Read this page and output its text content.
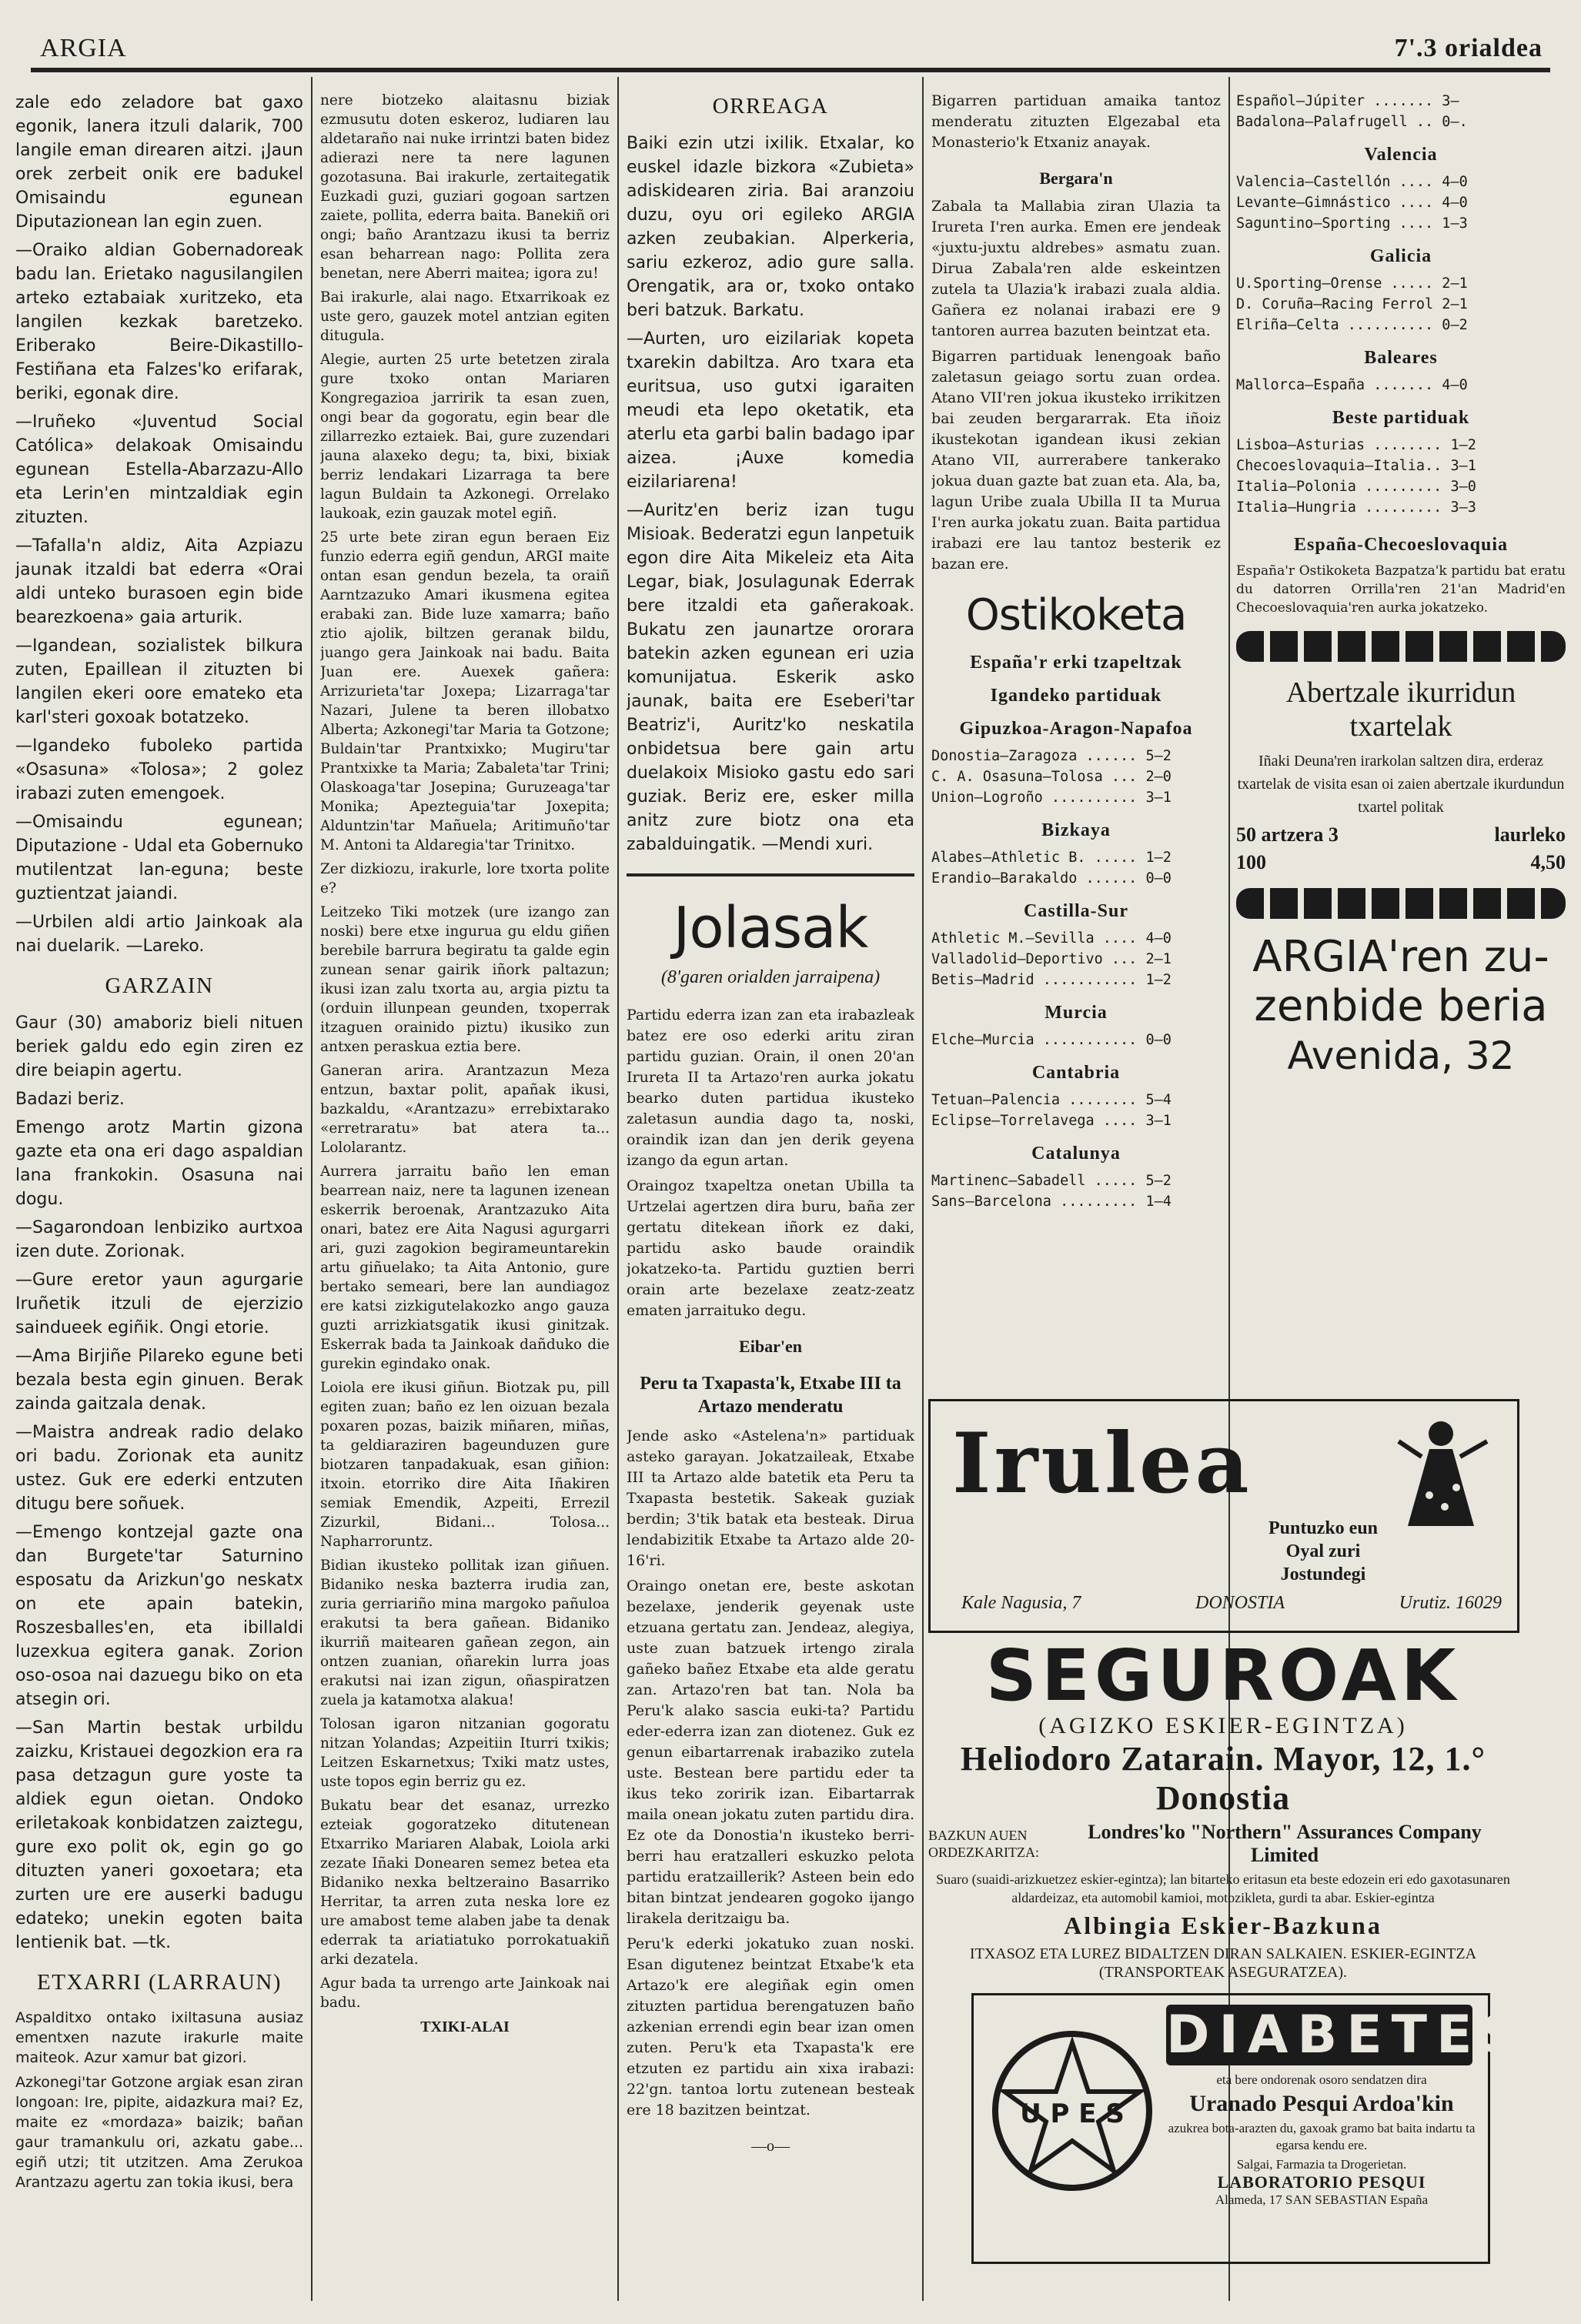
ARGIA	7'.3 orialdea

zale edo zeladore bat gaxo egonik, lanera itzuli dalarik, 700 langile eman direaren aitzi. ¡Jaun orek zerbeit onik ere badukel Omisaindu egunean Diputazionean lan egin zuen.

—Oraiko aldian Gobernadoreak badu lan. Erietako nagusilangilen arteko eztabaiak xuritzeko, eta langilen kezkak baretzeko. Eriberako Beire-Dikastillo-Festiñana eta Falzes'ko erifarak, beriki, egonak dire.

—Iruñeko «Juventud Social Católica» delakoak Omisaindu egunean Estella-Abarzazu-Allo eta Lerin'en mintzaldiak egin zituzten.

—Tafalla'n aldiz, Aita Azpiazu jaunak itzaldi bat ederra «Orai aldi unteko burasoen egin bide bearezkoena» gaia arturik.

—Igandean, sozialistek bilkura zuten, Epaillean il zituzten bi langilen ekeri oore emateko eta karl'steri goxoak botatzeko.

—Igandeko fuboleko partida «Osasuna» «Tolosa»; 2 golez irabazi zuten emengoek.

—Omisaindu egunean; Diputazione - Udal eta Gobernuko mutilentzat lan-eguna; beste guztientzat jaiandi.

—Urbilen aldi artio Jainkoak ala nai duelarik. —Lareko.

GARZAIN

Gaur (30) amaboriz bieli nituen beriek galdu edo egin ziren ez dire beiapin agertu.

Badazi beriz.

Emengo arotz Martin gizona gazte eta ona eri dago aspaldian lana frankokin. Osasuna nai dogu.

—Sagarondoan lenbiziko aurtxoa izen dute. Zorionak.

—Gure eretor yaun agurgarie Iruñetik itzuli de ejerzizio saindueek egiñik. Ongi etorie.

—Ama Birjiñe Pilareko egune beti bezala besta egin ginuen. Berak zainda gaitzala denak.

—Maistra andreak radio delako ori badu. Zorionak eta aunitz ustez. Guk ere ederki entzuten ditugu bere soñuek.

—Emengo kontzejal gazte ona dan Burgete'tar Saturnino esposatu da Arizkun'go neskatx on ete apain batekin, Roszesballes'en, eta ibillaldi luzexkua egitera ganak. Zorion oso-osoa nai dazuegu biko on eta atsegin ori.

—San Martin bestak urbildu zaizku, Kristauei degozkion era ra pasa detzagun gure yoste ta aldiek egun oietan. Ondoko eriletakoak konbidatzen zaiztegu, gure exo polit ok, egin go go dituzten yaneri goxoetara; eta zurten ure ere auserki badugu edateko; unekin egoten baita lentienik bat. —tk.

ETXARRI (LARRAUN)

Aspalditxo ontako ixiltasuna ausiaz ementxen nazute irakurle maite maiteok. Azur xamur bat gizori.

Azkonegi'tar Gotzone argiak esan ziran longoan: Ire, pipite, aidazkura mai? Ez, maite ez «mordaza» baizik; bañan gaur tramankulu ori, azkatu gabe... egiñ utzi; tit utzitzen. Ama Zerukoa Arantzazu agertu zan tokia ikusi, bera

nere biotzeko alaitasnu biziak ezmusutu doten eskeroz, ludiaren lau aldetaraño nai nuke irrintzi baten bidez adierazi nere ta nere lagunen gozotasuna. Bai irakurle, zertaitegatik Euzkadi guzi, guziari gogoan sartzen zaiete, pollita, ederra baita. Banekiñ ori ongi; baño Arantzazu ikusi ta berriz esan beharrean nago: Pollita zera benetan, nere Aberri maitea; igora zu!

Bai irakurle, alai nago. Etxarrikoak ez uste gero, gauzek motel antzian egiten ditugula.

Alegie, aurten 25 urte betetzen zirala gure txoko ontan Mariaren Kongregazioa jarririk ta esan zuen, ongi bear da gogoratu, egin bear dle zillarrezko eztaiek. Bai, gure zuzendari jauna alaxeko degu; ta, bixi, bixiak berriz lendakari Lizarraga ta bere lagun Buldain ta Azkonegi. Orrelako laukoak, ezin gauzak motel egiñ.

25 urte bete ziran egun beraen Eiz funzio ederra egiñ gendun, ARGI maite ontan esan gendun bezela, ta oraiñ Aarntzazuko Amari ikusmena egitea erabaki zan. Bide luze xamarra; baño ztio ajolik, biltzen geranak bildu, juango gera Jainkoak nai badu. Baita Juan ere. Auexek gañera: Arrizurieta'tar Joxepa; Lizarraga'tar Nazari, Julene ta beren illobatxo Alberta; Azkonegi'tar Maria ta Gotzone; Buldain'tar Prantxixko; Mugiru'tar Prantxixke ta Maria; Zabaleta'tar Trini; Olaskoaga'tar Josepina; Guruzeaga'tar Monika; Apezteguia'tar Joxepita; Alduntzin'tar Mañuela; Aritimuño'tar M. Antoni ta Aldaregia'tar Trinitxo.

Zer dizkiozu, irakurle, lore txorta polite e?

Leitzeko Tiki motzek (ure izango zan noski) bere etxe ingurua gu eldu giñen berebile barrura begiratu ta galde egin zunean senar gairik iñork paltazun; ikusi izan zalu txorta au, argia piztu ta (orduin illunpean geunden, txoperrak itzaguen orainido piztu) ikusiko zun antxen peraskua eztia bere.

Ganeran arira. Arantzazun Meza entzun, baxtar polit, apañak ikusi, bazkaldu, «Arantzazu» errebixtarako «erretraratu» bat atera ta... Lololarantz.

Aurrera jarraitu baño len eman bearrean naiz, nere ta lagunen izenean eskerrik beroenak, Arantzazuko Aita onari, batez ere Aita Nagusi agurgarri ari, guzi zagokion begirameuntarekin artu giñuelako; ta Aita Antonio, gure bertako semeari, bere lan aundiagoz ere katsi zizkigutelakozko ango gauza guzti arrizkiatsgatik ikusi ginitzak. Eskerrak bada ta Jainkoak dañduko die gurekin egindako onak.

Loiola ere ikusi giñun. Biotzak pu, pill egiten zuan; baño ez len oizuan bezala poxaren pozas, baizik miñaren, miñas, ta geldiaraziren bageunduzen gure biotzaren tanpadakuak, esan giñion: itxoin. etorriko dire Aita Iñakiren semiak Emendik, Azpeiti, Errezil Zizurkil, Bidani... Tolosa... Napharroruntz.

Bidian ikusteko pollitak izan giñuen. Bidaniko neska bazterra irudia zan, zuria gerriariño mina margoko pañuloa erakutsi ta bera gañean. Bidaniko ikurriñ maitearen gañean zegon, ain ontzen zuanian, oñarekin lurra joas erakutsi nai izan zigun, oñaspiratzen zuela ja katamotxa alakua!

Tolosan igaron nitzanian gogoratu nitzan Yolandas; Azpeitiin Iturri txikis; Leitzen Eskarnetxus; Txiki matz ustes, uste topos egin berriz gu ez.

Bukatu bear det esanaz, urrezko ezteiak gogoratzeko ditutenean Etxarriko Mariaren Alabak, Loiola arki zezate Iñaki Donearen semez betea eta Bidaniko nexka beltzeraino Basarriko Herritar, ta arren zuta neska lore ez ure amabost teme alaben jabe ta denak ederrak ta ariatiatuko porrokatuakiñ arki dezatela.

Agur bada ta urrengo arte Jainkoak nai badu.

TXIKI-ALAI
ORREAGA

Baiki ezin utzi ixilik. Etxalar, ko euskel idazle bizkora «Zubieta» adiskidearen ziria. Bai aranzoiu duzu, oyu ori egileko ARGIA azken zeubakian. Alperkeria, sariu ezkeroz, adio gure salla. Orengatik, ara or, txoko ontako beri batzuk. Barkatu.

—Aurten, uro eizilariak kopeta txarekin dabiltza. Aro txara eta euritsua, uso gutxi igaraiten meudi eta lepo oketatik, eta aterlu eta garbi balin badago ipar aizea. ¡Auxe komedia eizilariarena!

—Auritz'en beriz izan tugu Misioak. Bederatzi egun lanpetuik egon dire Aita Mikeleiz eta Aita Legar, biak, Josulagunak Ederrak bere itzaldi eta gañerakoak. Bukatu zen jaunartze ororara batekin azken egunean eri uzia komunijatua. Eskerik asko jaunak, baita ere Eseberi'tar Beatriz'i, Auritz'ko neskatila onbidetsua bere gain artu duelakoix Misioko gastu edo sari guziak. Beriz ere, esker milla anitz zure biotz ona eta zabalduingatik. —Mendi xuri.

Jolasak
(8'garen orialden jarraipena)

Partidu ederra izan zan eta irabazleak batez ere oso ederki aritu ziran partidu guzian. Orain, il onen 20'an Irureta II ta Artazo'ren aurka jokatu bearko duten partidua ikusteko zaletasun aundia dago ta, noski, oraindik izan dan jen derik geyena izango da egun artan.

Oraingoz txapeltza onetan Ubilla ta Urtzelai agertzen dira buru, baña zer gertatu ditekean iñork ez daki, partidu asko baude oraindik jokatzeko-ta. Partidu guztien berri orain arte bezelaxe zeatz-zeatz ematen jarraituko degu.

Eibar'en
Peru ta Txapasta'k, Etxabe III ta Artazo menderatu

Jende asko «Astelena'n» partiduak asteko garayan. Jokatzaileak, Etxabe III ta Artazo alde batetik eta Peru ta Txapasta bestetik. Sakeak guziak berdin; 3'tik batak eta besteak. Dirua lendabizitik Etxabe ta Artazo alde 20-16'ri.

Oraingo onetan ere, beste askotan bezelaxe, jenderik geyenak uste etzuana gertatu zan. Jendeaz, alegiya, uste zuan batzuek irtengo zirala gañeko bañez Etxabe eta alde geratu zan. Artazo'ren bat tan. Nola ba Peru'k alako sascia euki-ta? Partidu eder-ederra izan zan diotenez. Guk ez genun eibartarrenak irabaziko zutela uste. Bestean bere partidu eder ta ikus teko zoririk izan. Eibartarrak maila onean jokatu zuten partidu dira. Ez ote da Donostia'n ikusteko berri-berri hau eratzalleri eskuzko pelota partidu eratzaillerik? Asteen bein edo bitan bintzat jendearen gogoko ijango lirakela deritzaigu ba.

Peru'k ederki jokatuko zuan noski. Esan digutenez beintzat Etxabe'k eta Artazo'k ere alegiñak egin omen zituzten partidua berengatuzen baño azkenian errendi egin bear izan omen zuten. Peru'k eta Txapasta'k ere etzuten ez partidu ain xixa irabazi: 22'gn. tantoa lortu zutenean besteak ere 18 bazitzen beintzat.

—o—

Bigarren partiduan amaika tantoz menderatu zituzten Elgezabal eta Monasterio'k Etxaniz anayak.

Bergara'n

Zabala ta Mallabia ziran Ulazia ta Irureta I'ren aurka. Emen ere jendeak «juxtu-juxtu aldrebes» asmatu zuan. Dirua Zabala'ren alde eskeintzen zutela ta Ulazia'k irabazi zuala aldia. Gañera ez nolanai irabazi ere 9 tantoren aurrea bazuten beintzat eta.

Bigarren partiduak lenengoak baño zaletasun geiago sortu zuan ordea. Atano VII'ren jokua ikusteko irrikitzen bai zeuden bergararrak. Eta iñoiz ikustekotan igandean ikusi zekian Atano VII, aurrerabere tankerako jokua duan gazte bat zuan eta. Ala, ba, lagun Uribe zuala Ubilla II ta Murua I'ren aurka jokatu zuan. Baita partidua irabazi ere lau tantoz besterik ez bazan ere.

Ostikoketa
España'r erki tzapeltzak
Igandeko partiduak
Gipuzkoa-Aragon-Napafoa
Donostia—Zaragoza ...... 5—2
C. A. Osasuna—Tolosa ... 2—0
Union—Logroño .......... 3—1
Bizkaya
Alabes—Athletic B. ..... 1—2
Erandio—Barakaldo ...... 0—0
Castilla-Sur
Athletic M.—Sevilla .... 4—0
Valladolid—Deportivo ... 2—1
Betis—Madrid ........... 1—2
Murcia
Elche—Murcia ........... 0—0
Cantabria
Tetuan—Palencia ........ 5—4
Eclipse—Torrelavega .... 3—1
Catalunya
Martinenc—Sabadell ..... 5—2
Sans—Barcelona ......... 1—4
Español—Júpiter ....... 3—
Badalona—Palafrugell .. 0—.
Valencia
Valencia—Castellón .... 4—0
Levante—Gimnástico .... 4—0
Saguntino—Sporting .... 1—3
Galicia
U.Sporting—Orense ..... 2—1
D. Coruña—Racing Ferrol 2—1
Elriña—Celta .......... 0—2
Baleares
Mallorca—España ....... 4—0
Beste partiduak
Lisboa—Asturias ........ 1—2
Checoeslovaquia—Italia.. 3—1
Italia—Polonia ......... 3—0
Italia—Hungria ......... 3—3
España-Checoeslovaquia

España'r Ostikoketa Bazpatza'k partidu bat eratu du datorren Orrilla'ren 21'an Madrid'en Checoeslovaquia'ren aurka jokatzeko.

Abertzale ikurridun txartelak
Iñaki Deuna'ren irarkolan saltzen dira, erderaz txartelak de visita esan oi zaien abertzale ikurdundun txartel politak
50 artzera 3	laurleko
100	4,50
ARGIA'ren zu-
zenbide beria
Avenida, 32
Irulea
Puntuzko eun
Oyal zuri
Jostundegi
Kale Nagusia, 7	DONOSTIA	Urutiz. 16029
SEGUROAK
(AGIZKO ESKIER-EGINTZA)
Heliodoro Zatarain. Mayor, 12, 1.° Donostia
BAZKUN AUEN ORDEZKARITZA:
Londres'ko "Northern" Assurances Company Limited
Suaro (suaidi-arizkuetzez eskier-egintza); lan bitarteko eritasun eta beste edozein eri edo gaxotasunaren aldardeizaz, eta automobil kamioi, motozikleta, gurdi ta abar. Eskier-egintza
Albingia Eskier-Bazkuna
ITXASOZ ETA LUREZ BIDALTZEN DIRAN SALKAIEN. ESKIER-EGINTZA (TRANSPORTEAK ASEGURATZEA).
DIABETES
U P E S
eta bere ondorenak osoro sendatzen dira
Uranado Pesqui Ardoa'kin
azukrea bota-arazten du, gaxoak gramo bat baita indartu ta egarsa kendu ere.
Salgai, Farmazia ta Drogerietan.
LABORATORIO PESQUI
Alameda, 17 SAN SEBASTIAN España
